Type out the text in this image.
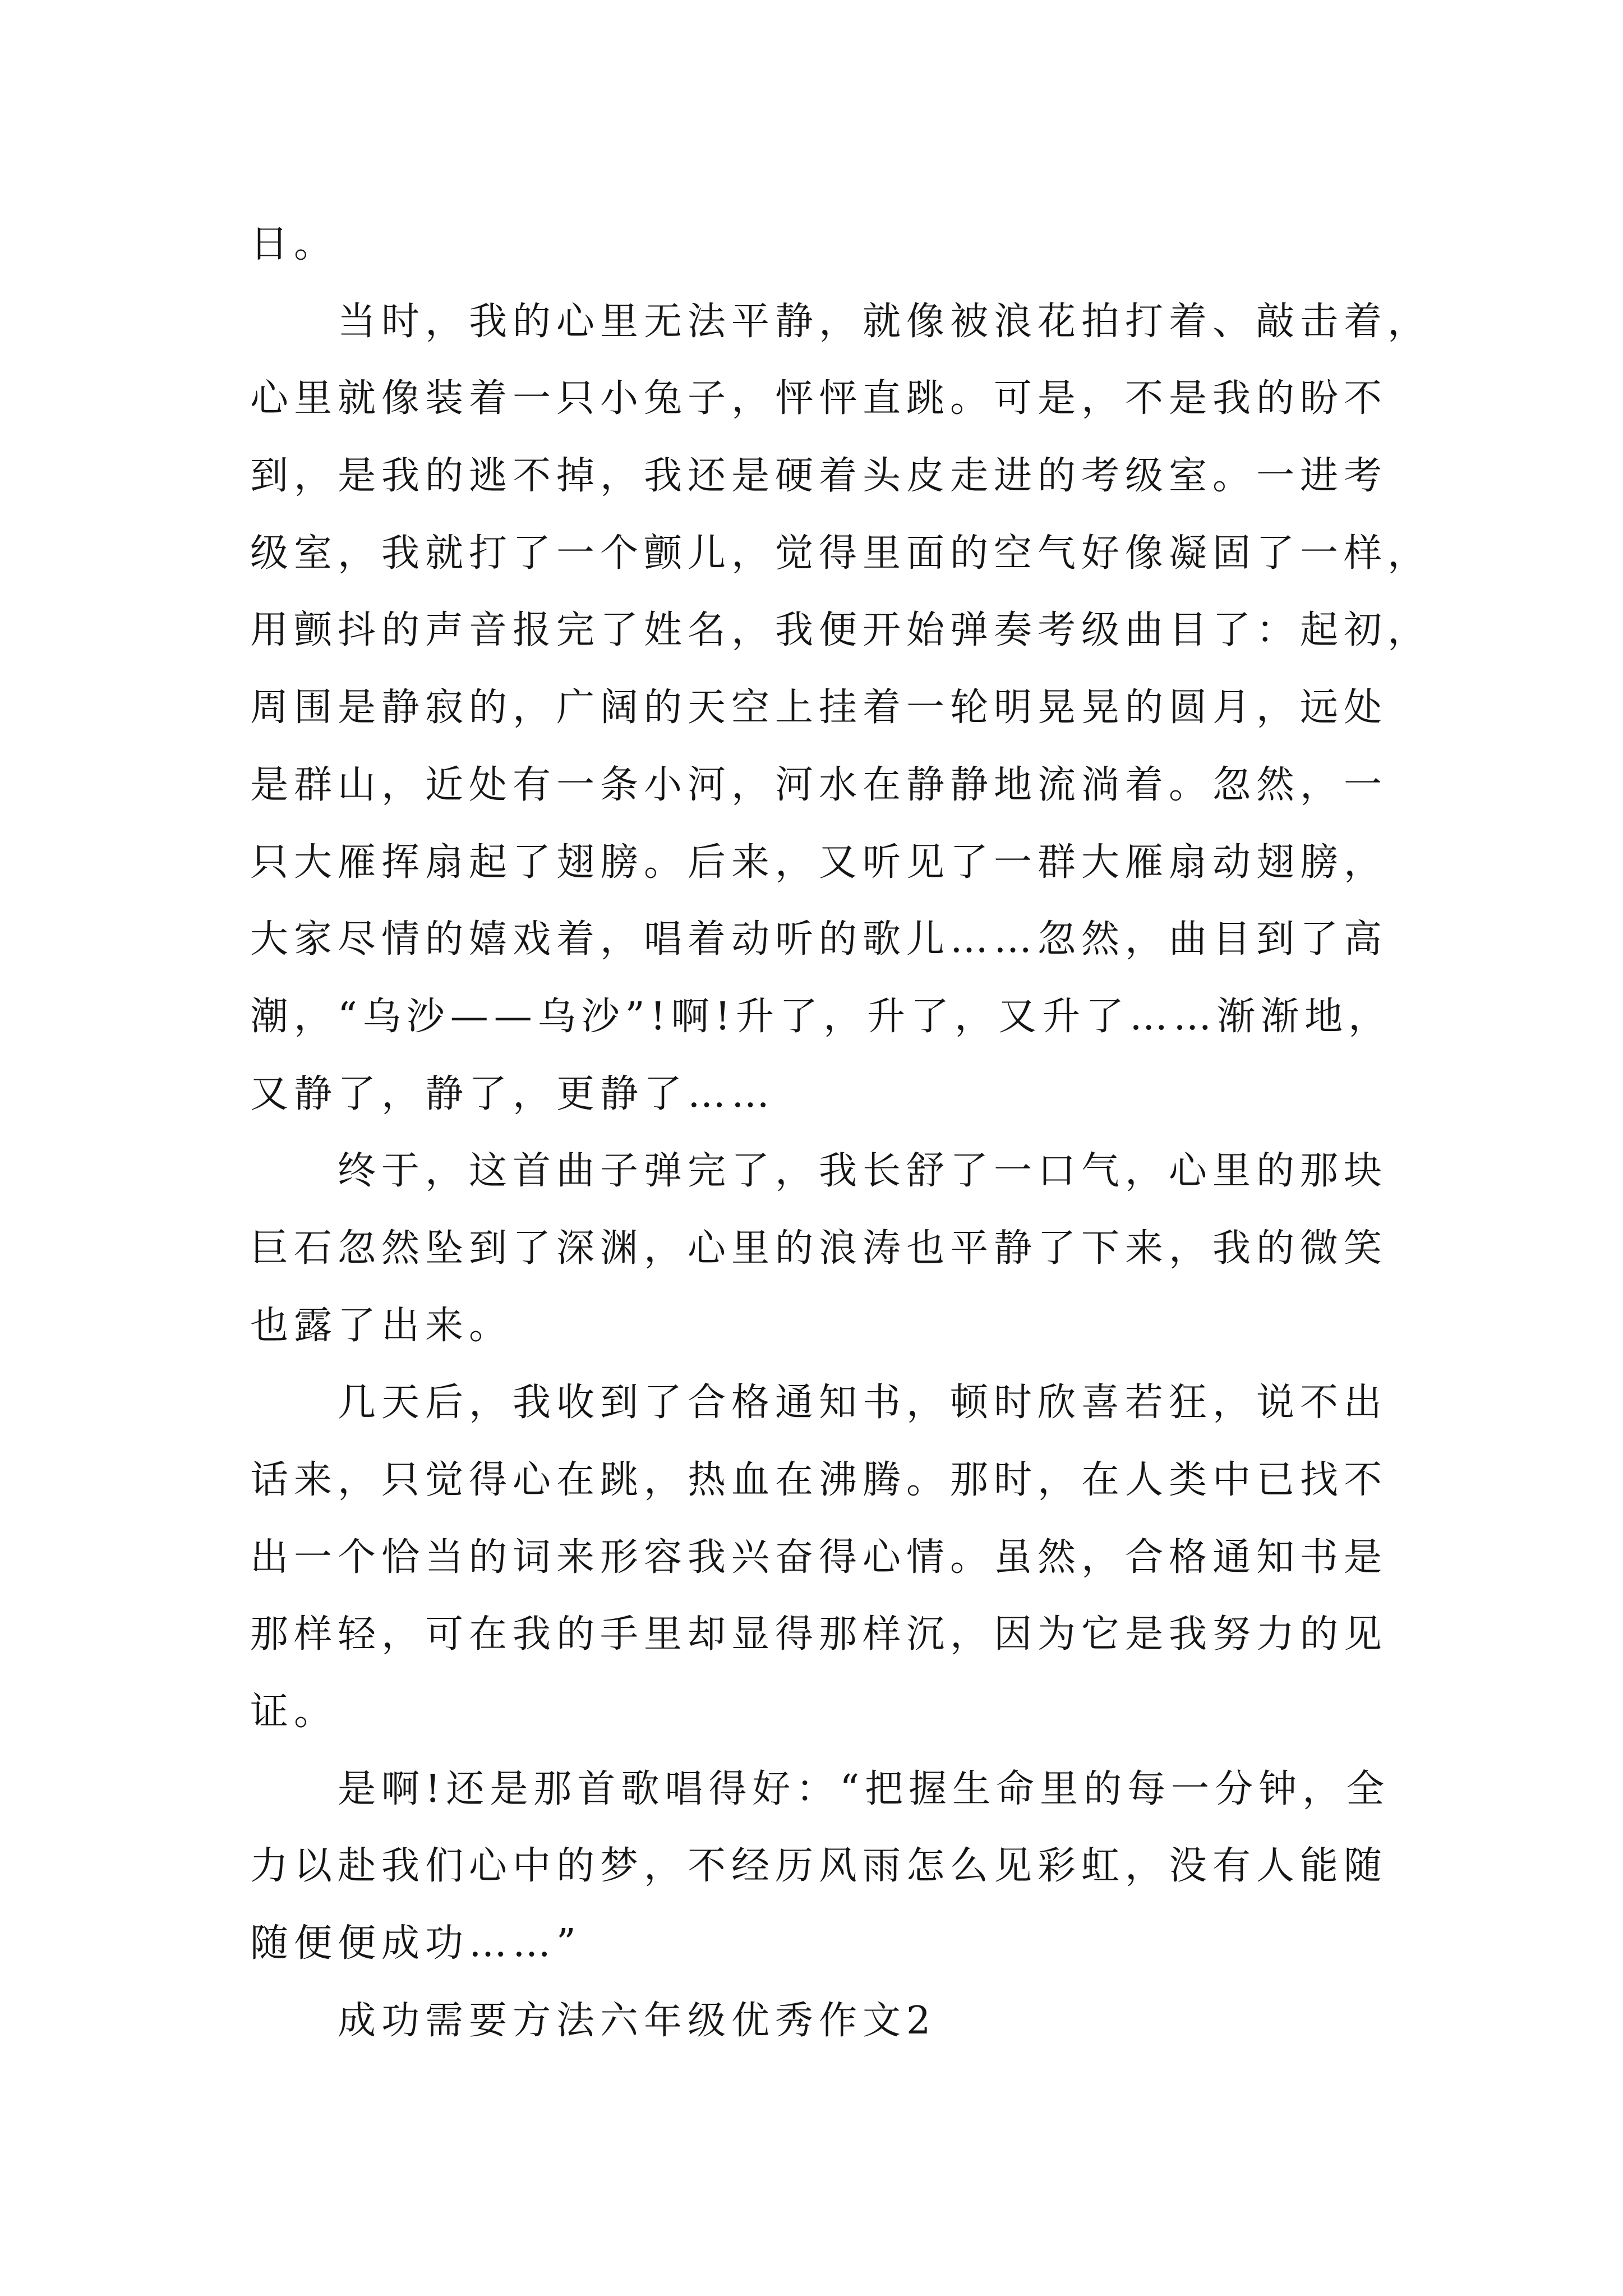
日。
当时，我的心里无法平静，就像被浪花拍打着、敲击着，
心里就像装着一只小兔子，怦怦直跳。可是，不是我的盼不
到，是我的逃不掉，我还是硬着头皮走进的考级室。一进考
级室，我就打了一个颤儿，觉得里面的空气好像凝固了一样，
用颤抖的声音报完了姓名，我便开始弹奏考级曲目了：起初，
周围是静寂的，广阔的天空上挂着一轮明晃晃的圆月，远处
是群山，近处有一条小河，河水在静静地流淌着。忽然，一
只大雁挥扇起了翅膀。后来，又听见了一群大雁扇动翅膀，
大家尽情的嬉戏着，唱着动听的歌儿……忽然，曲目到了高
潮，“乌沙——乌沙”!啊!升了，升了，又升了……渐渐地，
又静了，静了，更静了……
终于，这首曲子弹完了，我长舒了一口气，心里的那块
巨石忽然坠到了深渊，心里的浪涛也平静了下来，我的微笑
也露了出来。
几天后，我收到了合格通知书，顿时欣喜若狂，说不出
话来，只觉得心在跳，热血在沸腾。那时，在人类中已找不
出一个恰当的词来形容我兴奋得心情。虽然，合格通知书是
那样轻，可在我的手里却显得那样沉，因为它是我努力的见
证。
是啊!还是那首歌唱得好：“把握生命里的每一分钟，全
力以赴我们心中的梦，不经历风雨怎么见彩虹，没有人能随
随便便成功……”
成功需要方法六年级优秀作文2
